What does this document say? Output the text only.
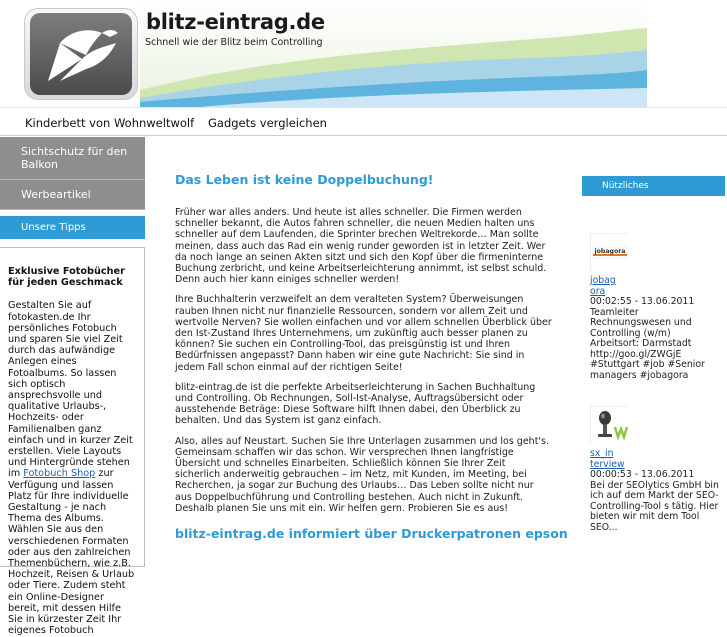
blitz-eintrag.de
Schnell wie der Blitz beim Controlling
Kinderbett von Wohnweltwolf Gadgets vergleichen
Sichtschutz für den Balkon
Werbeartikel
Unsere Tipps
Exklusive Fotobücher für jeden Geschmack
Gestalten Sie auf fotokasten.de Ihr persönliches Fotobuch und sparen Sie viel Zeit durch das aufwändige Anlegen eines Fotoalbums. So lassen sich optisch ansprechsvolle und qualitative Urlaubs-, Hochzeits- oder Familienalben ganz einfach und in kurzer Zeit erstellen. Viele Layouts und Hintergründe stehen im Fotobuch Shop zur Verfügung und lassen Platz für Ihre individuelle Gestaltung - je nach Thema des Albums. Wählen Sie aus den verschiedenen Formaten oder aus den zahlreichen Themenbüchern, wie z.B. Hochzeit, Reisen & Urlaub oder Tiere. Zudem steht ein Online-Designer bereit, mit dessen Hilfe Sie in kürzester Zeit Ihr eigenes Fotobuch
Das Leben ist keine Doppelbuchung!

Früher war alles anders. Und heute ist alles schneller. Die Firmen werden schneller bekannt, die Autos fahren schneller, die neuen Medien halten uns schneller auf dem Laufenden, die Sprinter brechen Weltrekorde… Man sollte meinen, dass auch das Rad ein wenig runder geworden ist in letzter Zeit. Wer da noch lange an seinen Akten sitzt und sich den Kopf über die firmeninterne Buchung zerbricht, und keine Arbeitserleichterung annimmt, ist selbst schuld. Denn auch hier kann einiges schneller werden!

Ihre Buchhalterin verzweifelt an dem veralteten System? Überweisungen rauben Ihnen nicht nur finanzielle Ressourcen, sondern vor allem Zeit und wertvolle Nerven? Sie wollen einfachen und vor allem schnellen Überblick über den Ist-Zustand Ihres Unternehmens, um zukünftig auch besser planen zu können? Sie suchen ein Controlling-Tool, das preisgünstig ist und Ihren Bedürfnissen angepasst? Dann haben wir eine gute Nachricht: Sie sind in jedem Fall schon einmal auf der richtigen Seite!

blitz-eintrag.de ist die perfekte Arbeitserleichterung in Sachen Buchhaltung und Controlling. Ob Rechnungen, Soll-Ist-Analyse, Auftragsübersicht oder ausstehende Beträge: Diese Software hilft Ihnen dabei, den Überblick zu behalten. Und das System ist ganz einfach.

Also, alles auf Neustart. Suchen Sie Ihre Unterlagen zusammen und los geht's. Gemeinsam schaffen wir das schon. Wir versprechen Ihnen langfristige Übersicht und schnelles Einarbeiten. Schließlich können Sie Ihrer Zeit sicherlich anderweitig gebrauchen – im Netz, mit Kunden, im Meeting, bei Recherchen, ja sogar zur Buchung des Urlaubs… Das Leben sollte nicht nur aus Doppelbuchführung und Controlling bestehen. Auch nicht in Zukunft. Deshalb planen Sie uns mit ein. Wir helfen gern. Probieren Sie es aus!

blitz-eintrag.de informiert über Druckerpatronen epson
Nützliches
jobagora
jobag
ora
00:02:55 - 13.06.2011
Teamleiter Rechnungswesen und Controlling (w/m) Arbeitsort: Darmstadt http://goo.gl/ZWGjE #Stuttgart #job #Senior managers #jobagora
sx_in
terview
00:00:53 - 13.06.2011
Bei der SEOlytics GmbH bin ich auf dem Markt der SEO-Controlling-Tool s tätig. Hier bieten wir mit dem Tool SEO...
